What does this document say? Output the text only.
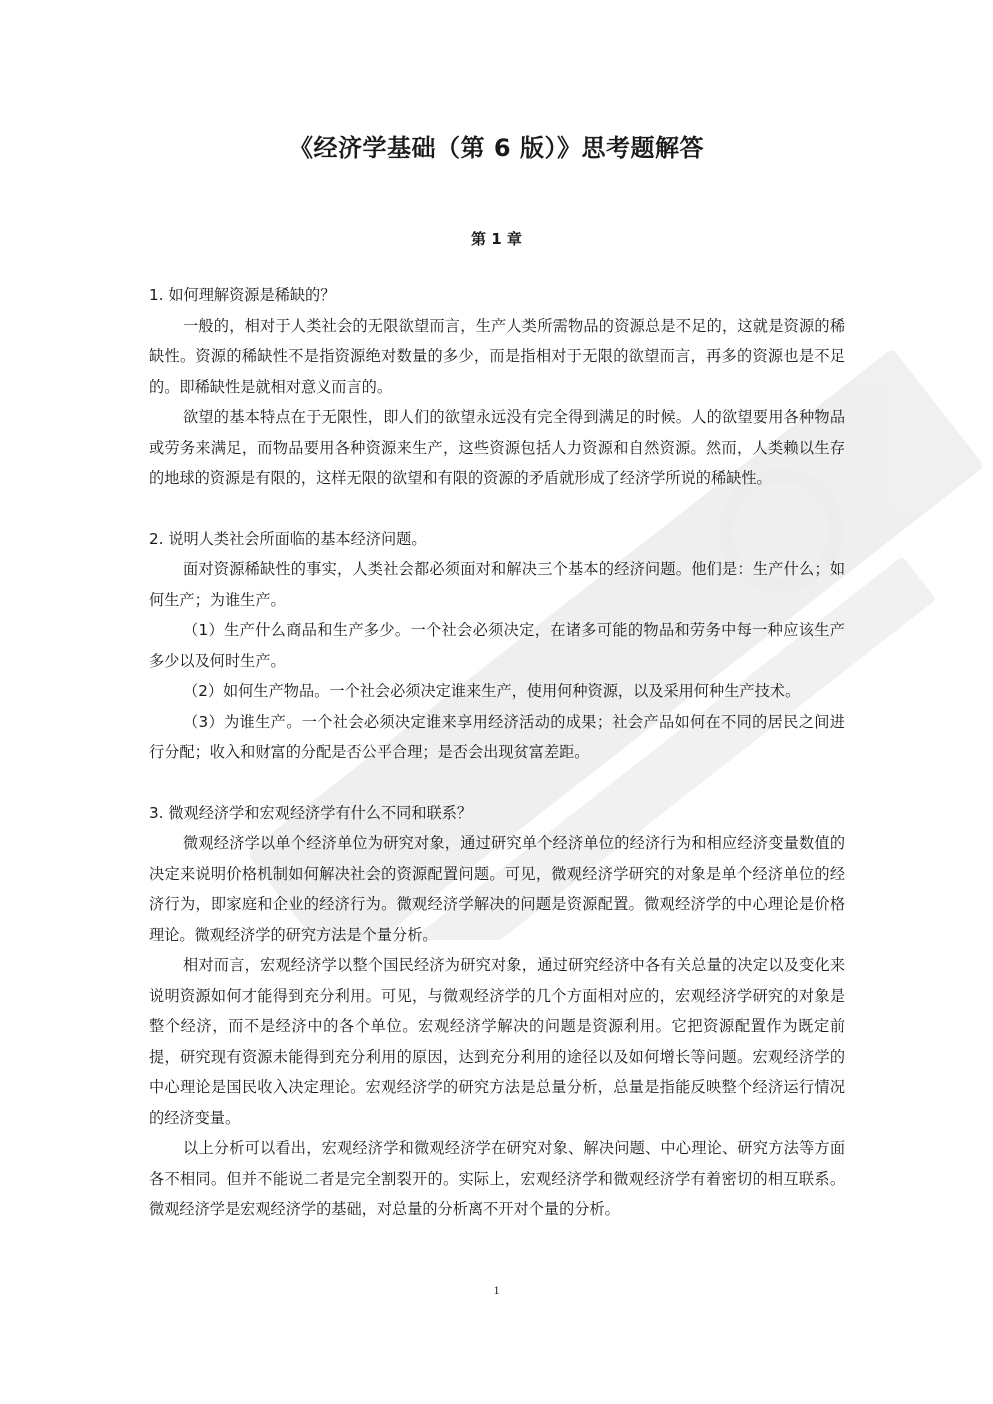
《经济学基础（第 6 版）》思考题解答
第 1 章

1. 如何理解资源是稀缺的？

一般的，相对于人类社会的无限欲望而言，生产人类所需物品的资源总是不足的，这就是资源的稀缺性。资源的稀缺性不是指资源绝对数量的多少，而是指相对于无限的欲望而言，再多的资源也是不足的。即稀缺性是就相对意义而言的。

欲望的基本特点在于无限性，即人们的欲望永远没有完全得到满足的时候。人的欲望要用各种物品或劳务来满足，而物品要用各种资源来生产，这些资源包括人力资源和自然资源。然而，人类赖以生存的地球的资源是有限的，这样无限的欲望和有限的资源的矛盾就形成了经济学所说的稀缺性。

2. 说明人类社会所面临的基本经济问题。

面对资源稀缺性的事实，人类社会都必须面对和解决三个基本的经济问题。他们是：生产什么；如何生产；为谁生产。

（1）生产什么商品和生产多少。一个社会必须决定，在诸多可能的物品和劳务中每一种应该生产多少以及何时生产。

（2）如何生产物品。一个社会必须决定谁来生产，使用何种资源，以及采用何种生产技术。

（3）为谁生产。一个社会必须决定谁来享用经济活动的成果；社会产品如何在不同的居民之间进行分配；收入和财富的分配是否公平合理；是否会出现贫富差距。

3. 微观经济学和宏观经济学有什么不同和联系？

微观经济学以单个经济单位为研究对象，通过研究单个经济单位的经济行为和相应经济变量数值的决定来说明价格机制如何解决社会的资源配置问题。可见，微观经济学研究的对象是单个经济单位的经济行为，即家庭和企业的经济行为。微观经济学解决的问题是资源配置。微观经济学的中心理论是价格理论。微观经济学的研究方法是个量分析。

相对而言，宏观经济学以整个国民经济为研究对象，通过研究经济中各有关总量的决定以及变化来说明资源如何才能得到充分利用。可见，与微观经济学的几个方面相对应的，宏观经济学研究的对象是整个经济，而不是经济中的各个单位。宏观经济学解决的问题是资源利用。它把资源配置作为既定前提，研究现有资源未能得到充分利用的原因，达到充分利用的途径以及如何增长等问题。宏观经济学的中心理论是国民收入决定理论。宏观经济学的研究方法是总量分析，总量是指能反映整个经济运行情况的经济变量。

以上分析可以看出，宏观经济学和微观经济学在研究对象、解决问题、中心理论、研究方法等方面各不相同。但并不能说二者是完全割裂开的。实际上，宏观经济学和微观经济学有着密切的相互联系。微观经济学是宏观经济学的基础，对总量的分析离不开对个量的分析。

1
